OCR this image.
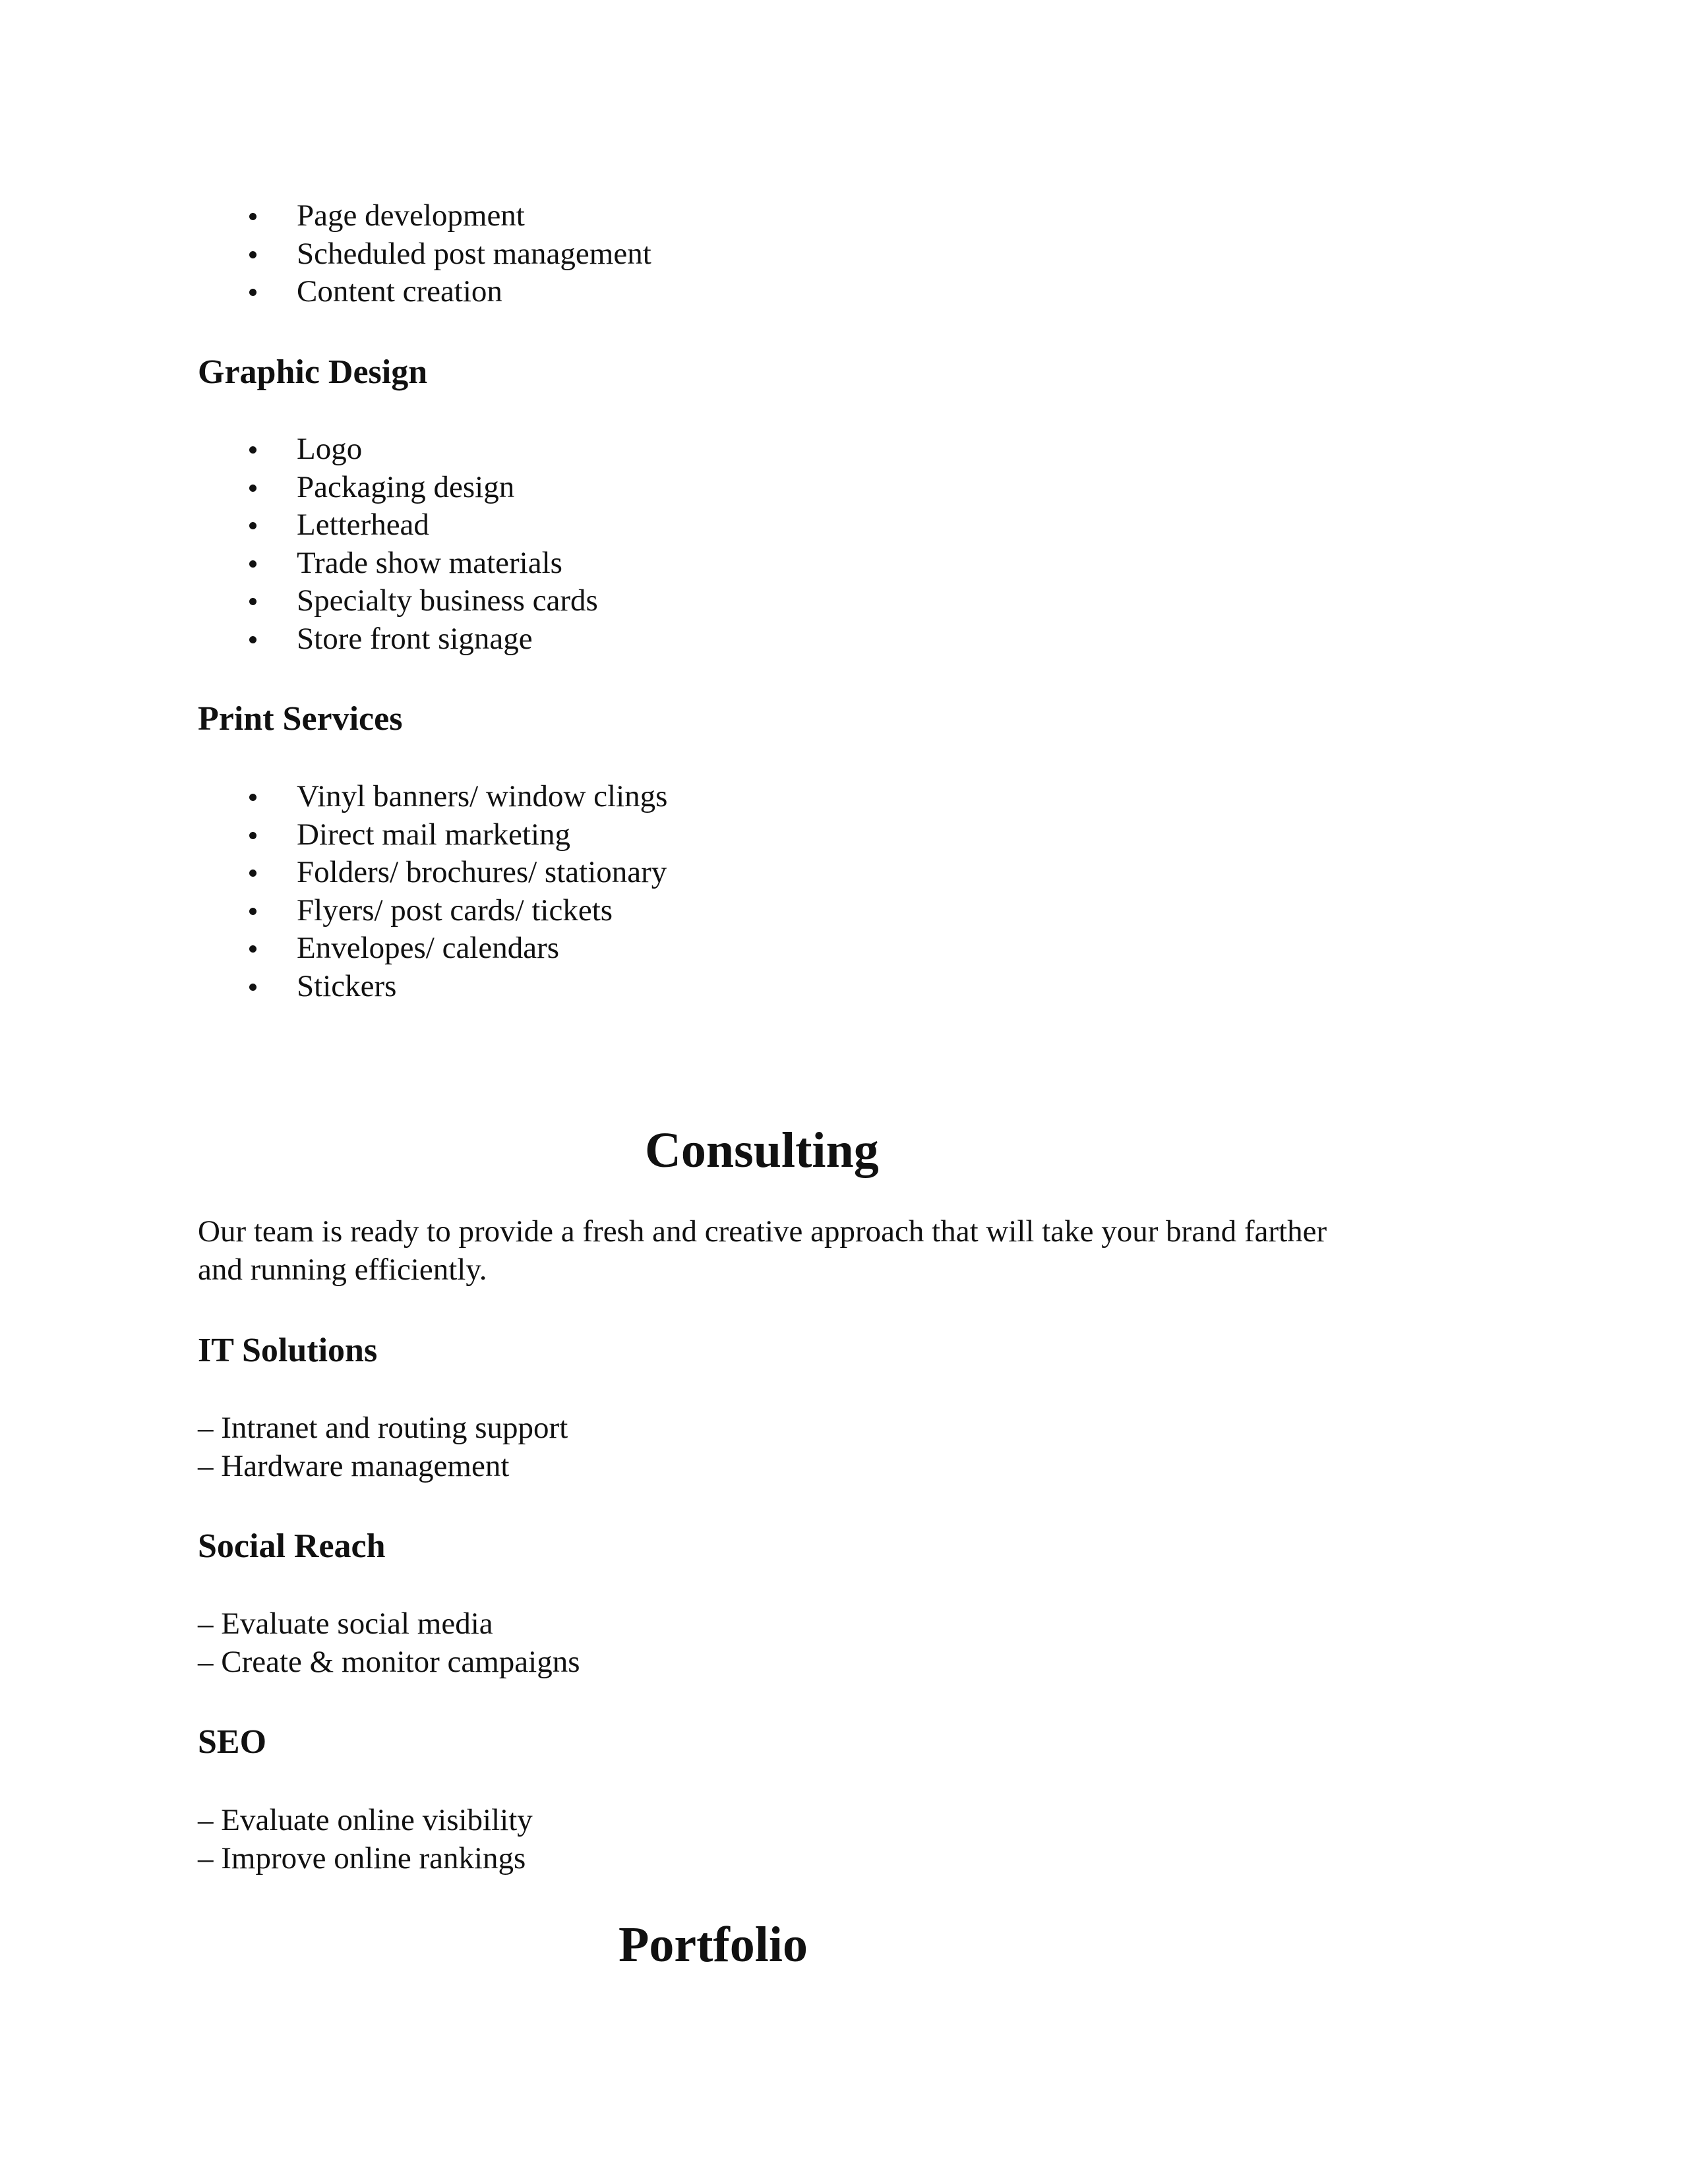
Page development
Scheduled post management
Content creation
Graphic Design
Logo
Packaging design
Letterhead
Trade show materials
Specialty business cards
Store front signage
Print Services
Vinyl banners/ window clings
Direct mail marketing
Folders/ brochures/ stationary
Flyers/ post cards/ tickets
Envelopes/ calendars
Stickers
Consulting

Our team is ready to provide a fresh and creative approach that will take your brand farther and running efficiently.

IT Solutions
– Intranet and routing support
– Hardware management
Social Reach
– Evaluate social media
– Create & monitor campaigns
SEO
– Evaluate online visibility
– Improve online rankings
Portfolio
